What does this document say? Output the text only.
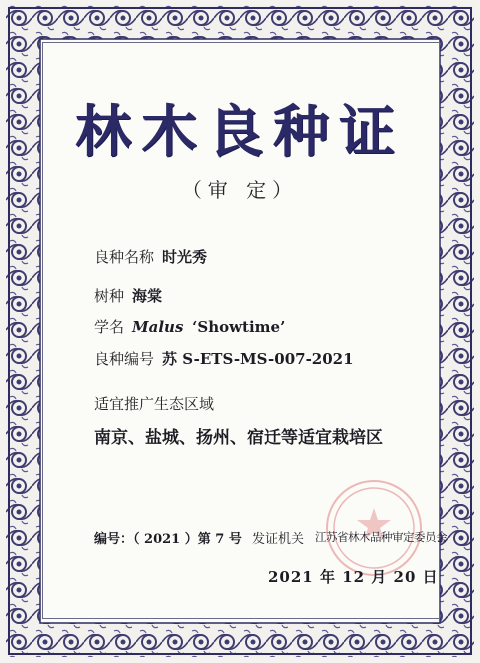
林木良种证
（审 定）
良种名称 时光秀
树种 海棠
学名 Malus ‘Showtime’
良种编号 苏 S-ETS-MS-007-2021
适宜推广生态区域
南京、盐城、扬州、宿迁等适宜栽培区
编号：（ 2021 ）第 7 号 发证机关 江苏省林木品种审定委员会
2021 年 12 月 20 日
